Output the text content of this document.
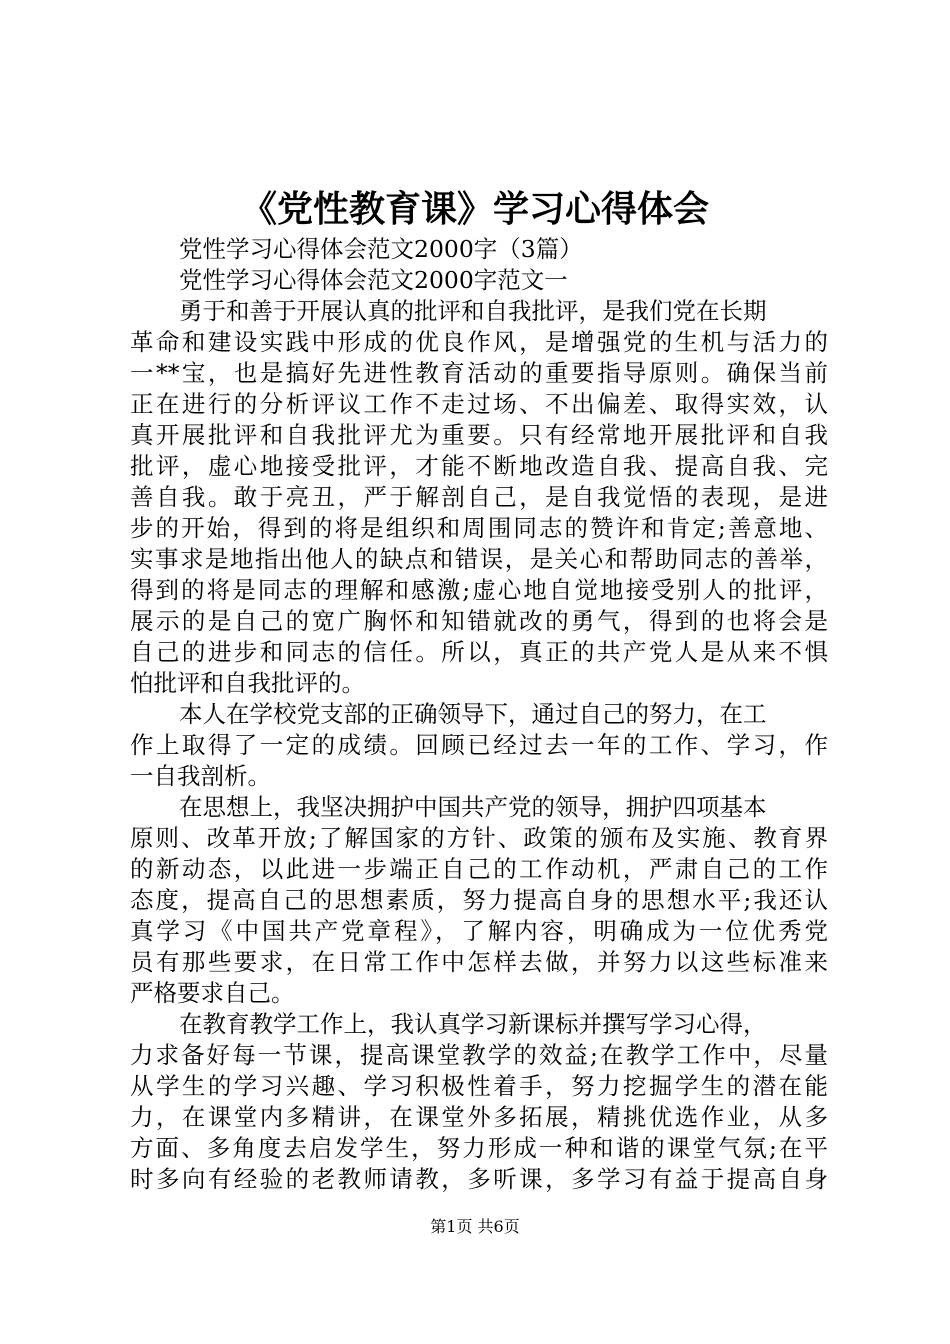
《党性教育课》学习心得体会
党性学习心得体会范文2000字（3篇）
党性学习心得体会范文2000字范文一
勇于和善于开展认真的批评和自我批评，是我们党在长期
革命和建设实践中形成的优良作风，是增强党的生机与活力的
一**宝，也是搞好先进性教育活动的重要指导原则。确保当前
正在进行的分析评议工作不走过场、不出偏差、取得实效，认
真开展批评和自我批评尤为重要。只有经常地开展批评和自我
批评，虚心地接受批评，才能不断地改造自我、提高自我、完
善自我。敢于亮丑，严于解剖自己，是自我觉悟的表现，是进
步的开始，得到的将是组织和周围同志的赞许和肯定;善意地、
实事求是地指出他人的缺点和错误，是关心和帮助同志的善举，
得到的将是同志的理解和感激;虚心地自觉地接受别人的批评，
展示的是自己的宽广胸怀和知错就改的勇气，得到的也将会是
自己的进步和同志的信任。所以，真正的共产党人是从来不惧
怕批评和自我批评的。
本人在学校党支部的正确领导下，通过自己的努力，在工
作上取得了一定的成绩。回顾已经过去一年的工作、学习，作
一自我剖析。
在思想上，我坚决拥护中国共产党的领导，拥护四项基本
原则、改革开放;了解国家的方针、政策的颁布及实施、教育界
的新动态，以此进一步端正自己的工作动机，严肃自己的工作
态度，提高自己的思想素质，努力提高自身的思想水平;我还认
真学习《中国共产党章程》，了解内容，明确成为一位优秀党
员有那些要求，在日常工作中怎样去做，并努力以这些标准来
严格要求自己。
在教育教学工作上，我认真学习新课标并撰写学习心得，
力求备好每一节课，提高课堂教学的效益;在教学工作中，尽量
从学生的学习兴趣、学习积极性着手，努力挖掘学生的潜在能
力，在课堂内多精讲，在课堂外多拓展，精挑优选作业，从多
方面、多角度去启发学生，努力形成一种和谐的课堂气氛;在平
时多向有经验的老教师请教，多听课，多学习有益于提高自身
第1页 共6页
